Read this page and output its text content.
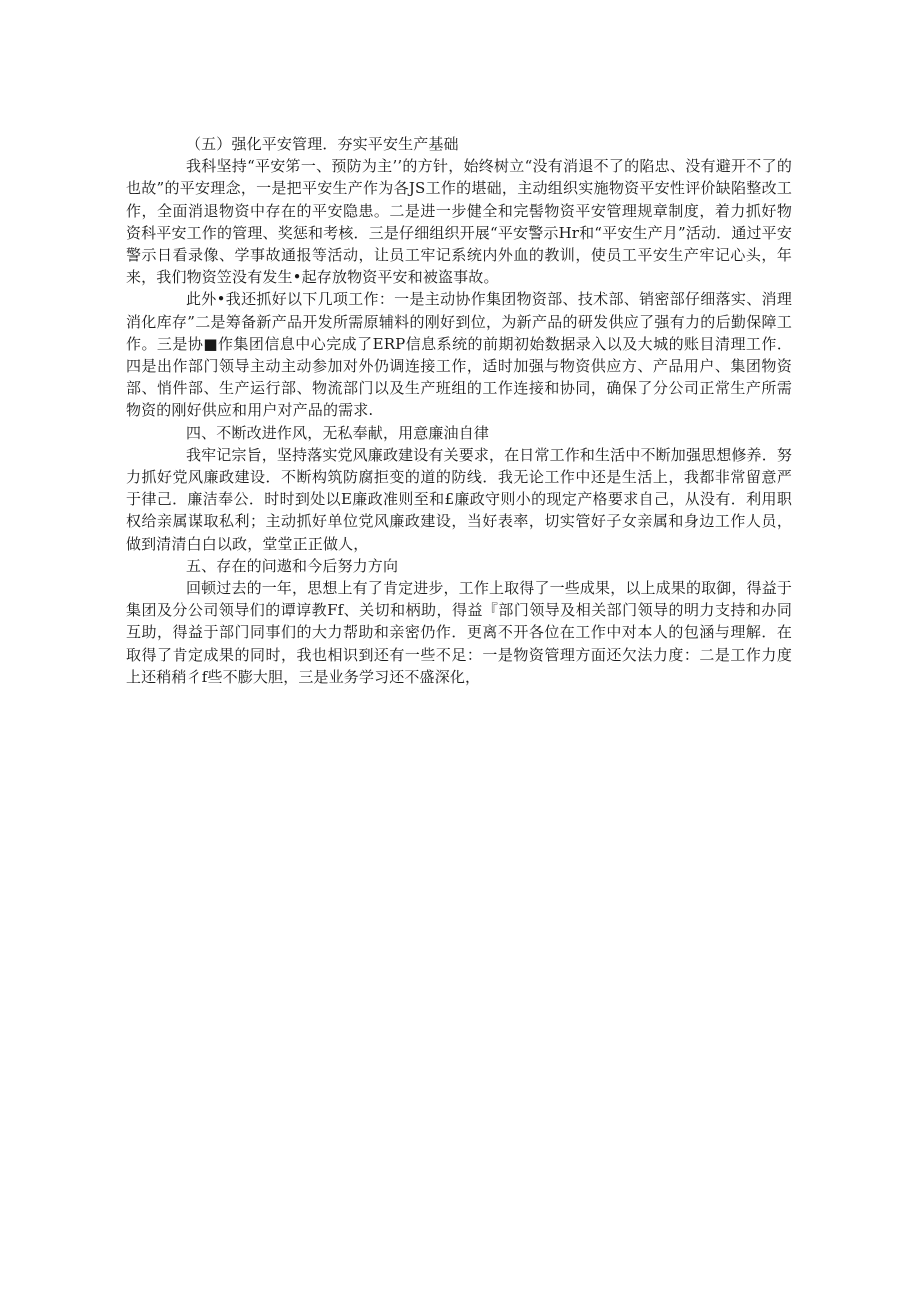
（五）强化平安管理．夯实平安生产基础

我科坚持“平安笫一、预防为主’’的方针，始终树立“没有消退不了的陷忠、没有避开不了的也故”的平安理念，一是把平安生产作为各JS工作的堪础，主动组织实施物资平安性评价缺陷整改工作，全面消退物资中存在的平安隐患。二是进一步健全和完髻物资平安管理规章制度，着力抓好物资科平安工作的管理、奖惩和考核．三是仔细组织开展“平安警示Hr和“平安生产月”活动．通过平安警示日看录像、学事故通报等活动，让员工牢记系统内外血的教训，使员工平安生产牢记心头，年来，我们物资笠没有发生•起存放物资平安和被盗事故。

此外•我还抓好以下几项工作：一是主动协作集团物资部、技术部、销密部仔细落实、消理消化库存”二是筹备新产品开发所需原辅料的刚好到位，为新产品的研发供应了强有力的后勤保障工作。三是协■作集团信息中心完成了ERP信息系统的前期初始数据录入以及大城的账目清理工作．四是出作部门领导主动主动参加对外仍调连接工作，适时加强与物资供应方、产品用户、集团物资部、悄件部、生产运行部、物流部门以及生产班组的工作连接和协同，确保了分公司正常生产所需物资的刚好供应和用户对产品的需求.

四、不断改进作风，无私奉献，用意廉油自律

我牢记宗旨，坚持落实党风廉政建设有关要求，在日常工作和生活中不断加强思想修养．努力抓好党风廉政建设．不断构筑防腐拒变的道的防线．我无论工作中还是生活上，我都非常留意严于律己．廉洁奉公．时时到处以E廉政准则至和£廉政守则小的现定产格要求自己，从没有．利用职权给亲属谋取私利；主动抓好单位党风廉政建设，当好表率，切实管好子女亲属和身边工作人员，做到清清白白以政，堂堂正正做人，

五、存在的问遨和今后努力方向

回顿过去的一年，思想上有了肯定进步，工作上取得了一些成果，以上成果的取御，得益于集团及分公司领导们的谭谆教Ff、关切和柄助，得益『部门领导及相关部门领导的明力支持和办同互助，得益于部门同事们的大力帮助和亲密仍作．更离不开各位在工作中对本人的包涵与理解．在取得了肯定成果的同时，我也相识到还有一些不足：一是物资管理方面还欠法力度：二是工作力度上还稍稍彳f些不膨大胆，三是业务学习还不盛深化，
